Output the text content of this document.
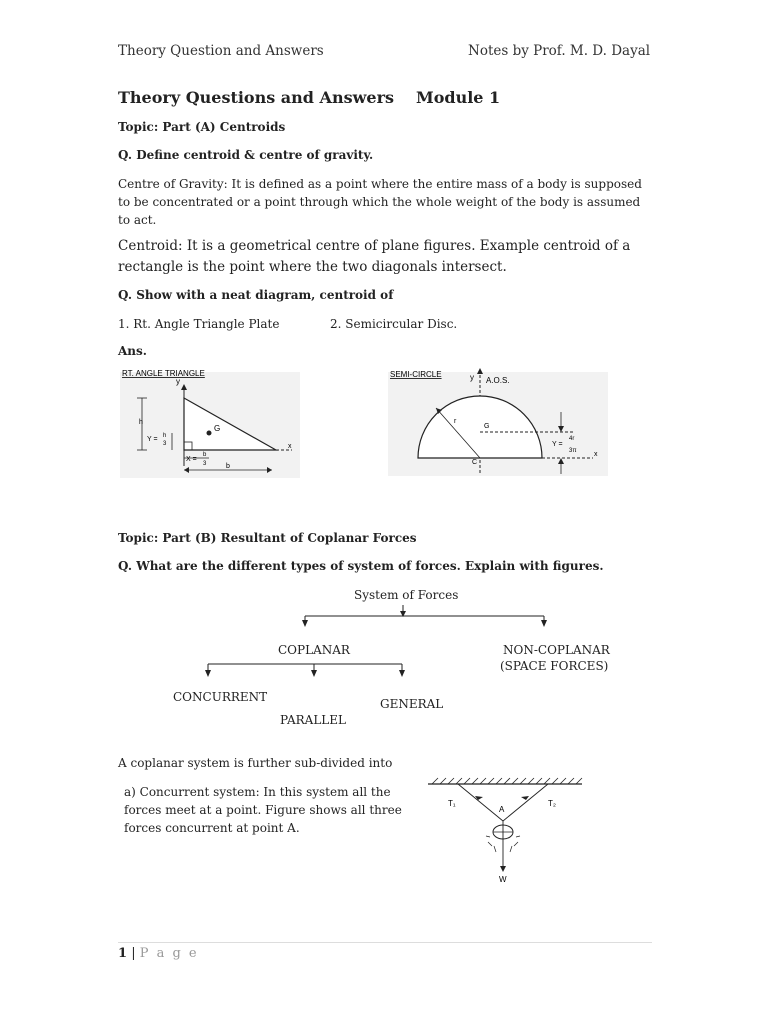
Theory Question and Answers	Notes by Prof. M. D. Dayal
Theory Questions and Answers Module 1
Topic: Part (A) Centroids
Q. Define centroid & centre of gravity.
Centre of Gravity: It is defined as a point where the entire mass of a body is supposed to be concentrated or a point through which the whole weight of the body is assumed to act.
Centroid: It is a geometrical centre of plane figures. Example centroid of a rectangle is the point where the two diagonals intersect.
Q. Show with a neat diagram, centroid of
1. Rt. Angle Triangle Plate	2. Semicircular Disc.
Ans.
RT. ANGLE TRIANGLE
y
x
G
h
Y = h
3
X =
b
3	b
SEMI-CIRCLE	y A.O.S.
r
G
C
x
Y =
4r
3π
Topic: Part (B) Resultant of Coplanar Forces
Q. What are the different types of system of forces. Explain with figures.
System of Forces
COPLANAR	NON-COPLANAR
(SPACE FORCES)
CONCURRENT
PARALLEL
GENERAL
A coplanar system is further sub-divided into
a) Concurrent system: In this system all the forces meet at a point. Figure shows all three forces concurrent at point A.
T₁	T₂
A
W
1 | P a g e
